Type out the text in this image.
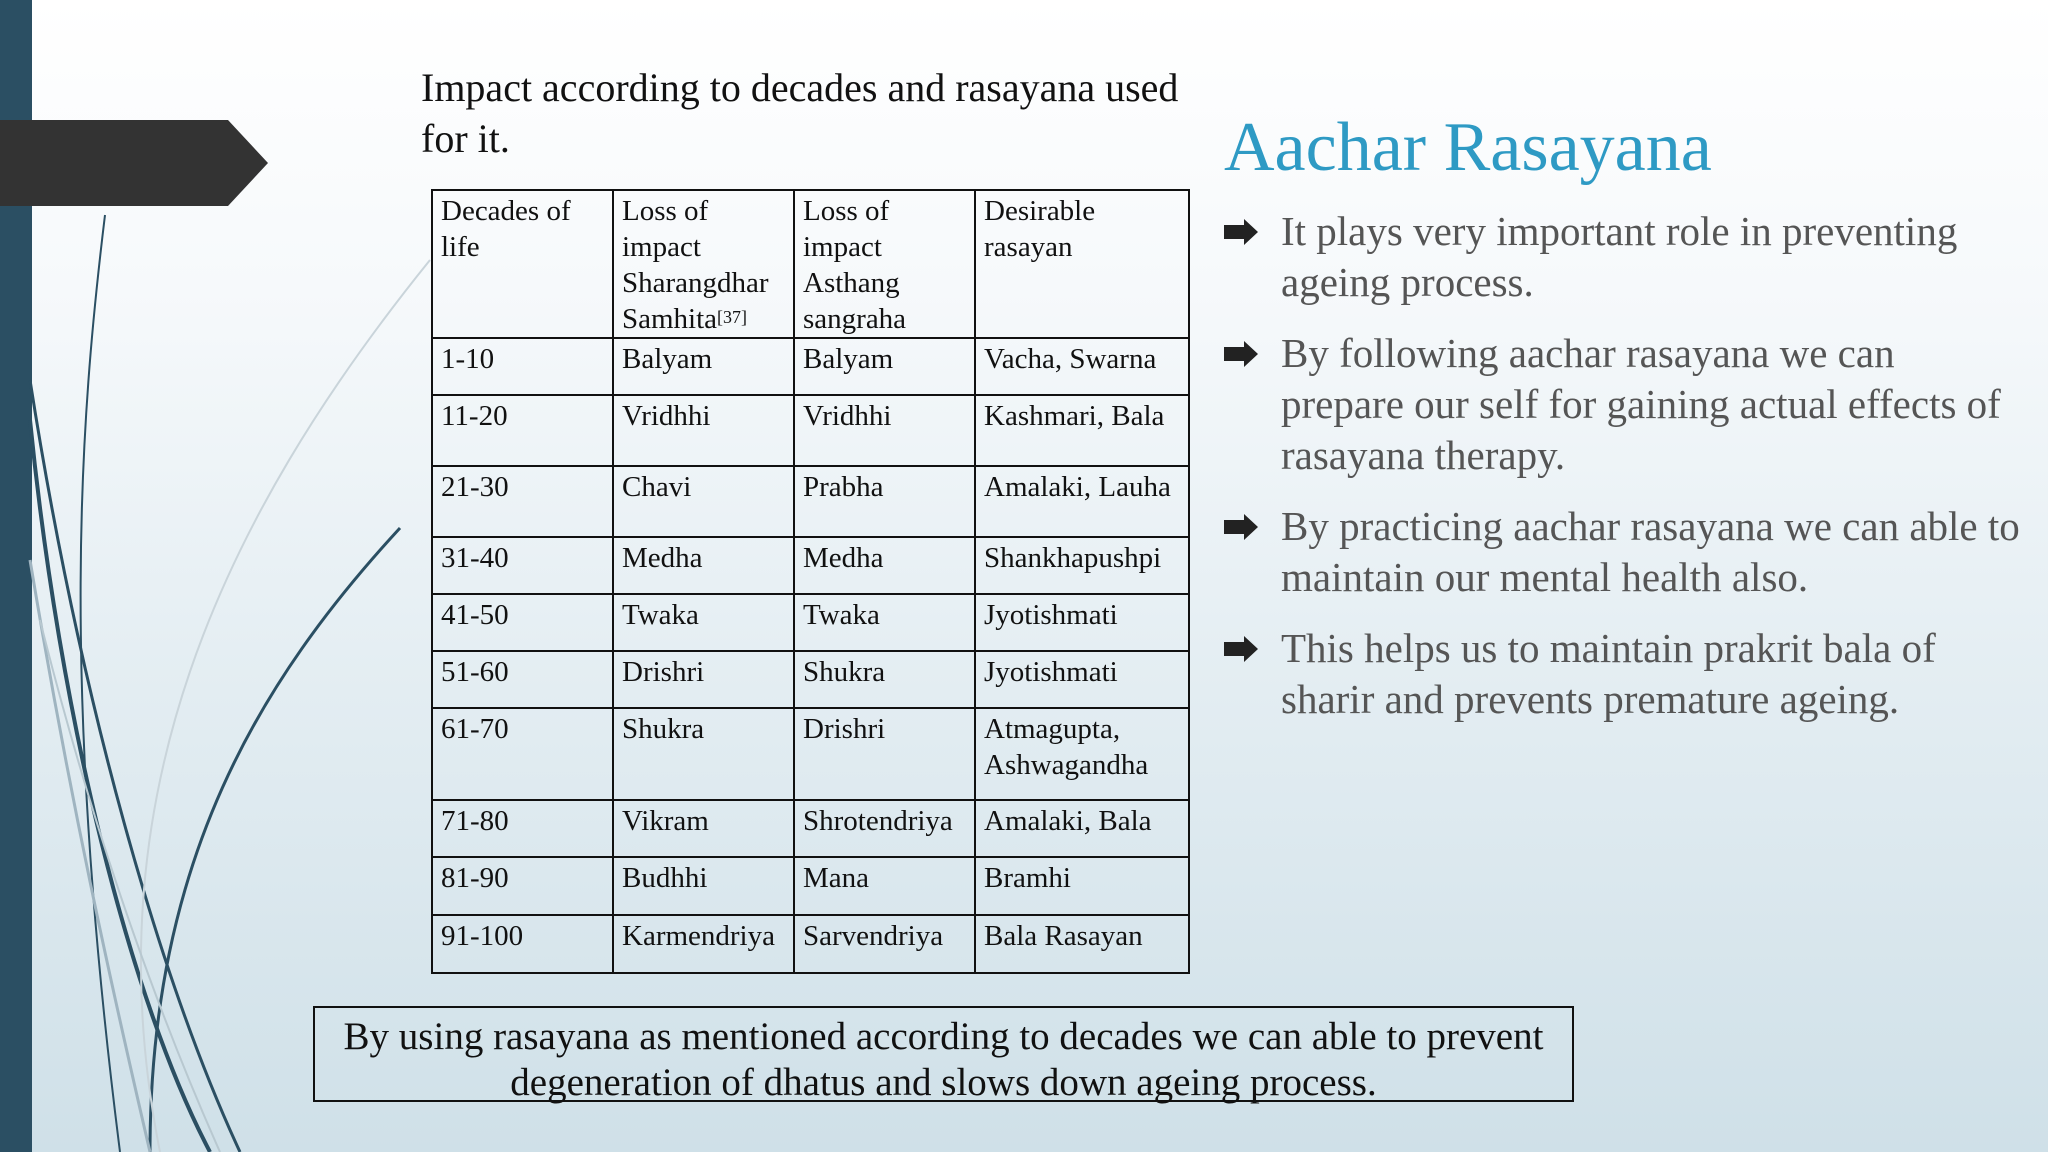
Impact according to decades and rasayana used for it.
Decades of life	Loss of impact Sharangdhar Samhita[37]	Loss of impact Asthang sangraha	Desirable rasayan
1-10	Balyam	Balyam	Vacha, Swarna
11-20	Vridhhi	Vridhhi	Kashmari, Bala
21-30	Chavi	Prabha	Amalaki, Lauha
31-40	Medha	Medha	Shankhapushpi
41-50	Twaka	Twaka	Jyotishmati
51-60	Drishri	Shukra	Jyotishmati
61-70	Shukra	Drishri	Atmagupta, Ashwagandha
71-80	Vikram	Shrotendriya	Amalaki, Bala
81-90	Budhhi	Mana	Bramhi
91-100	Karmendriya	Sarvendriya	Bala Rasayan
Aachar Rasayana
It plays very important role in preventing ageing process.
By following aachar rasayana we can prepare our self for gaining actual effects of rasayana therapy.
By practicing aachar rasayana we can able to maintain our mental health also.
This helps us to maintain prakrit bala of sharir and prevents premature ageing.
By using rasayana as mentioned according to decades we can able to prevent degeneration of dhatus and slows down ageing process.
